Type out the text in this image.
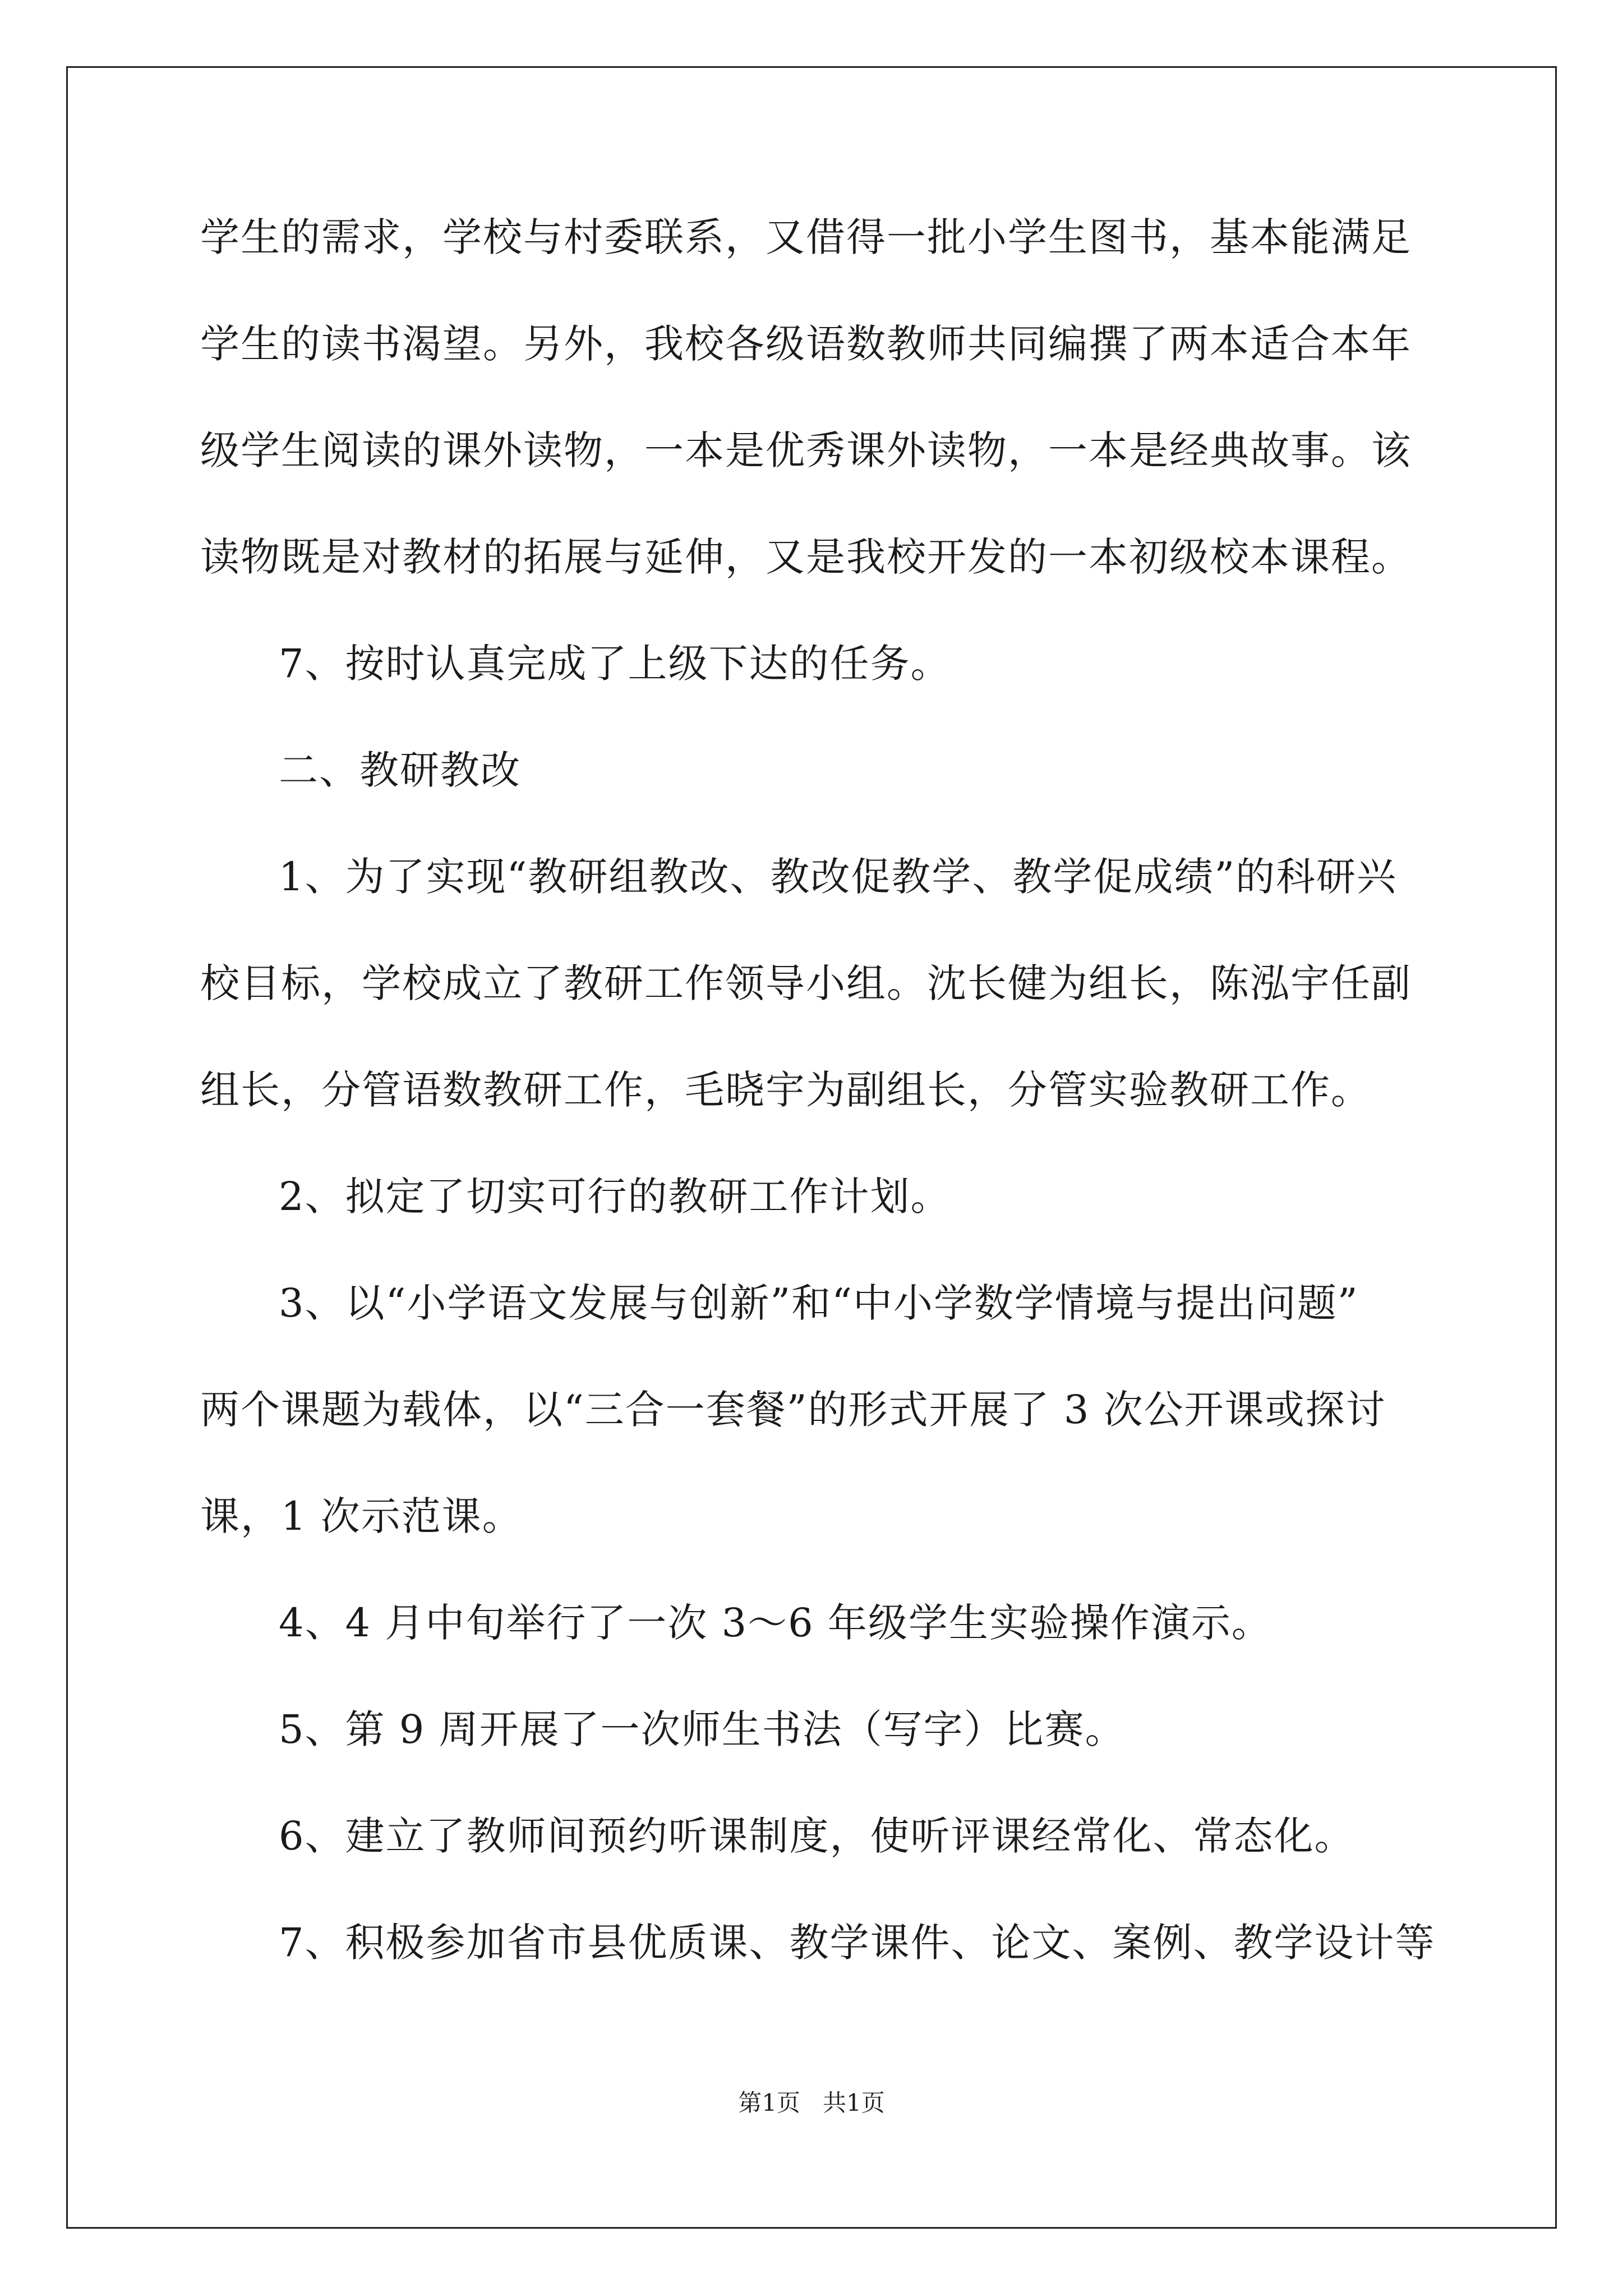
学生的需求，学校与村委联系，又借得一批小学生图书，基本能满足
学生的读书渴望。另外，我校各级语数教师共同编撰了两本适合本年
级学生阅读的课外读物，一本是优秀课外读物，一本是经典故事。该
读物既是对教材的拓展与延伸，又是我校开发的一本初级校本课程。
7、按时认真完成了上级下达的任务。
二、教研教改
1、为了实现“教研组教改、教改促教学、教学促成绩”的科研兴
校目标，学校成立了教研工作领导小组。沈长健为组长，陈泓宇任副
组长，分管语数教研工作，毛晓宇为副组长，分管实验教研工作。
2、拟定了切实可行的教研工作计划。
3、以“小学语文发展与创新”和“中小学数学情境与提出问题”
两个课题为载体，以“三合一套餐”的形式开展了 3 次公开课或探讨
课，1 次示范课。
4、4 月中旬举行了一次 3～6 年级学生实验操作演示。
5、第 9 周开展了一次师生书法（写字）比赛。
6、建立了教师间预约听课制度，使听评课经常化、常态化。
7、积极参加省市县优质课、教学课件、论文、案例、教学设计等
第1页   共1页
